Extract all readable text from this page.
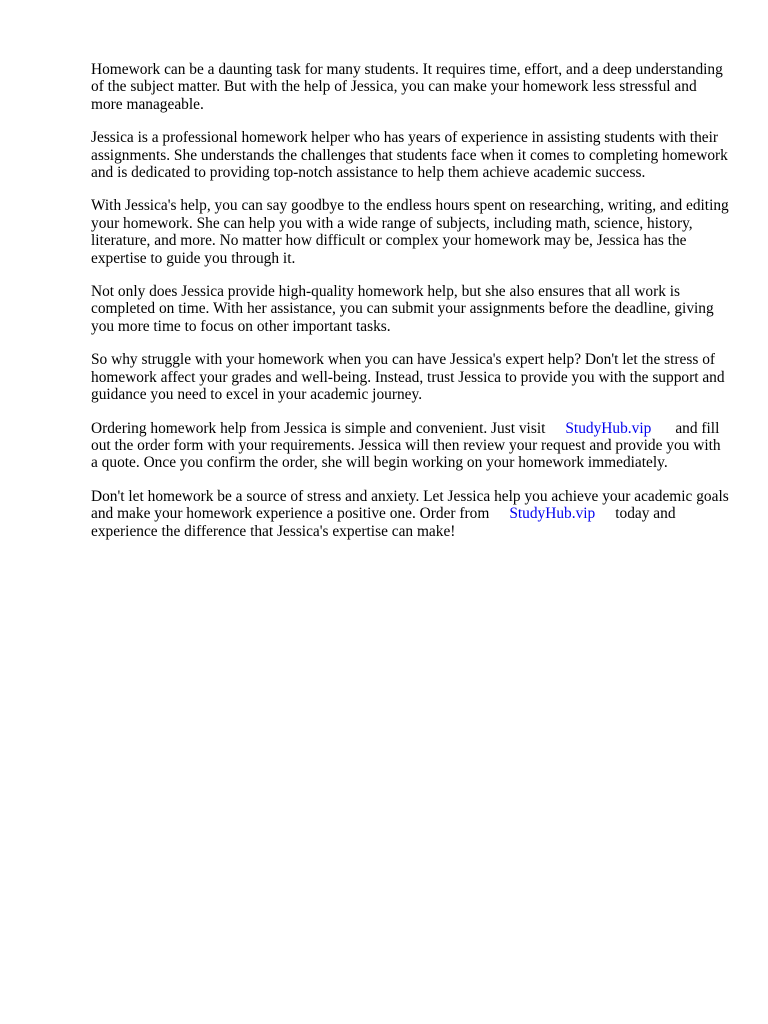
Homework can be a daunting task for many students. It requires time, effort, and a deep understanding of the subject matter. But with the help of Jessica, you can make your homework less stressful and more manageable.

Jessica is a professional homework helper who has years of experience in assisting students with their assignments. She understands the challenges that students face when it comes to completing homework and is dedicated to providing top-notch assistance to help them achieve academic success.

With Jessica's help, you can say goodbye to the endless hours spent on researching, writing, and editing your homework. She can help you with a wide range of subjects, including math, science, history, literature, and more. No matter how difficult or complex your homework may be, Jessica has the expertise to guide you through it.

Not only does Jessica provide high-quality homework help, but she also ensures that all work is completed on time. With her assistance, you can submit your assignments before the deadline, giving you more time to focus on other important tasks.

So why struggle with your homework when you can have Jessica's expert help? Don't let the stress of homework affect your grades and well-being. Instead, trust Jessica to provide you with the support and guidance you need to excel in your academic journey.

Ordering homework help from Jessica is simple and convenient. Just visit StudyHub.vip and fill out the order form with your requirements. Jessica will then review your request and provide you with a quote. Once you confirm the order, she will begin working on your homework immediately.

Don't let homework be a source of stress and anxiety. Let Jessica help you achieve your academic goals and make your homework experience a positive one. Order from StudyHub.vip today and experience the difference that Jessica's expertise can make!
